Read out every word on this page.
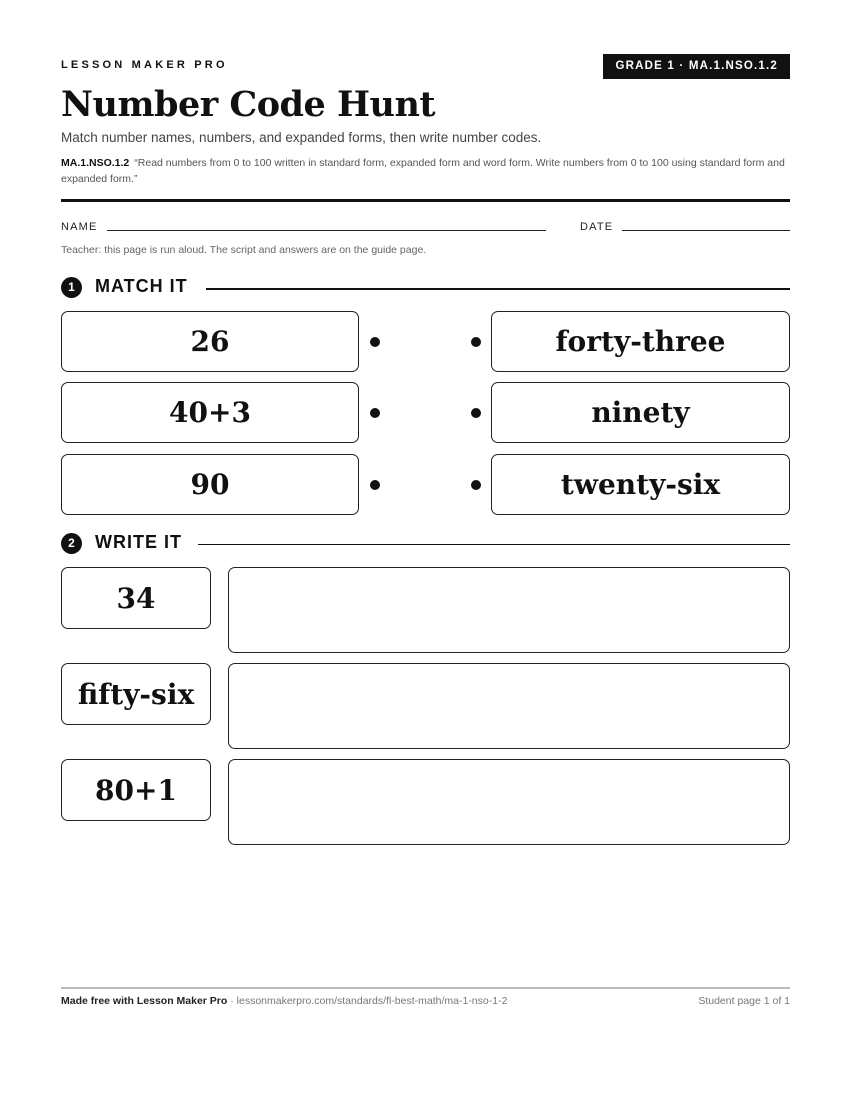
LESSON MAKER PRO	GRADE 1 · MA.1.NSO.1.2
Number Code Hunt
Match number names, numbers, and expanded forms, then write number codes.
MA.1.NSO.1.2 “Read numbers from 0 to 100 written in standard form, expanded form and word form. Write numbers from 0 to 100 using standard form and expanded form.”
NAME	DATE
Teacher: this page is run aloud. The script and answers are on the guide page.
1	MATCH IT
26
40+3
90
forty-three
ninety
twenty-six
2	WRITE IT
34
fifty-six
80+1
Made free with Lesson Maker Pro · lessonmakerpro.com/standards/fl-best-math/ma-1-nso-1-2	Student page 1 of 1
